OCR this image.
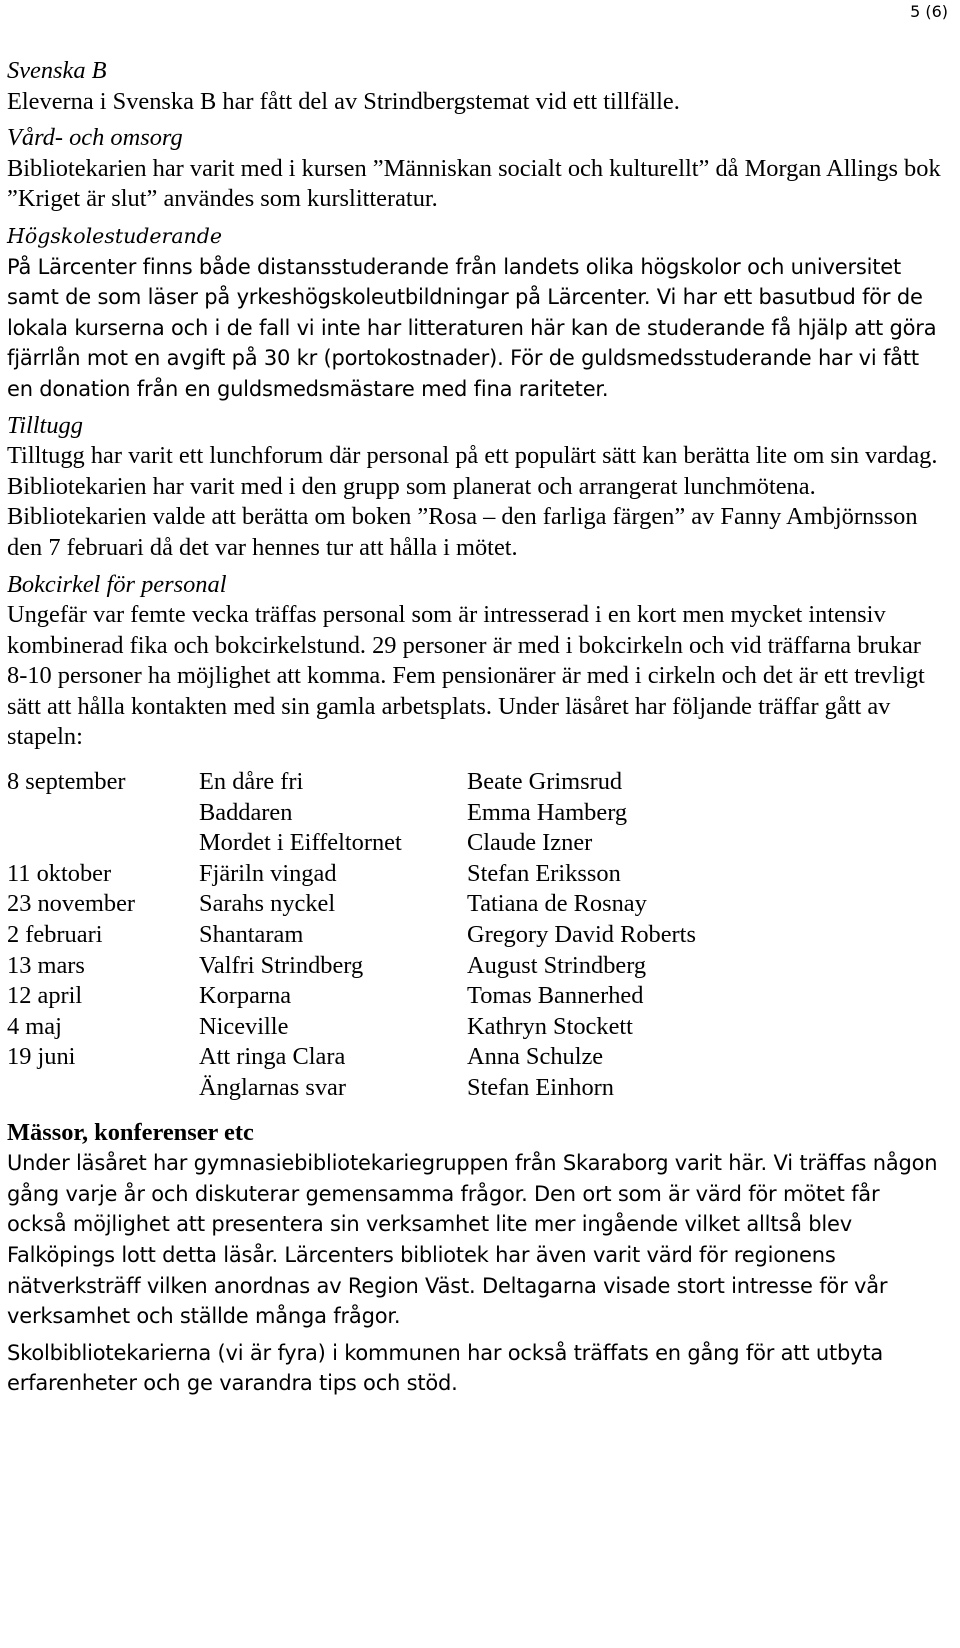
5 (6)

Svenska B

Eleverna i Svenska B har fått del av Strindbergstemat vid ett tillfälle.

Vård- och omsorg

Bibliotekarien har varit med i kursen ”Människan socialt och kulturellt” då Morgan Allings bok ”Kriget är slut” användes som kurslitteratur.

Högskolestuderande

På Lärcenter finns både distansstuderande från landets olika högskolor och universitet samt de som läser på yrkeshögskoleutbildningar på Lärcenter. Vi har ett basutbud för de lokala kurserna och i de fall vi inte har litteraturen här kan de studerande få hjälp att göra fjärrlån mot en avgift på 30 kr (portokostnader). För de guldsmedsstuderande har vi fått en donation från en guldsmedsmästare med fina rariteter.

Tilltugg

Tilltugg har varit ett lunchforum där personal på ett populärt sätt kan berätta lite om sin vardag. Bibliotekarien har varit med i den grupp som planerat och arrangerat lunchmötena. Bibliotekarien valde att berätta om boken ”Rosa – den farliga färgen” av Fanny Ambjörnsson den 7 februari då det var hennes tur att hålla i mötet.

Bokcirkel för personal

Ungefär var femte vecka träffas personal som är intresserad i en kort men mycket intensiv kombinerad fika och bokcirkelstund. 29 personer är med i bokcirkeln och vid träffarna brukar 8-10 personer ha möjlighet att komma. Fem pensionärer är med i cirkeln och det är ett trevligt sätt att hålla kontakten med sin gamla arbetsplats. Under läsåret har följande träffar gått av stapeln:

8 september	En dåre fri	Beate Grimsrud
	Baddaren	Emma Hamberg
	Mordet i Eiffeltornet	Claude Izner
11 oktober	Fjäriln vingad	Stefan Eriksson
23 november	Sarahs nyckel	Tatiana de Rosnay
2 februari	Shantaram	Gregory David Roberts
13 mars	Valfri Strindberg	August Strindberg
12 april	Korparna	Tomas Bannerhed
4 maj	Niceville	Kathryn Stockett
19 juni	Att ringa Clara	Anna Schulze
	Änglarnas svar	Stefan Einhorn

Mässor, konferenser etc

Under läsåret har gymnasiebibliotekariegruppen från Skaraborg varit här. Vi träffas någon gång varje år och diskuterar gemensamma frågor. Den ort som är värd för mötet får också möjlighet att presentera sin verksamhet lite mer ingående vilket alltså blev Falköpings lott detta läsår. Lärcenters bibliotek har även varit värd för regionens nätverksträff vilken anordnas av Region Väst. Deltagarna visade stort intresse för vår verksamhet och ställde många frågor.

Skolbibliotekarierna (vi är fyra) i kommunen har också träffats en gång för att utbyta erfarenheter och ge varandra tips och stöd.
